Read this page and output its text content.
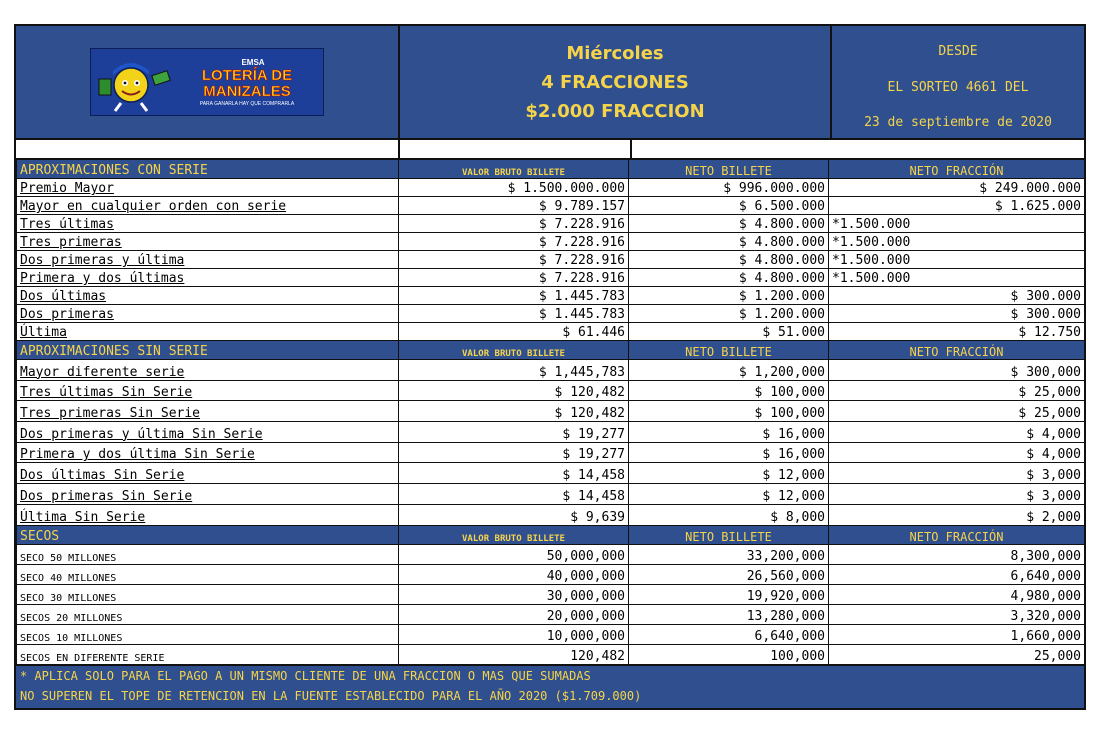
EMSA
LOTERÍA DE
MANIZALES
PARA GANARLA HAY QUE COMPRARLA
Miércoles
4 FRACCIONES
$2.000 FRACCION
DESDE
EL SORTEO 4661 DEL
23 de septiembre de 2020
APROXIMACIONES CON SERIE	VALOR BRUTO BILLETE	NETO BILLETE	NETO FRACCIÓN
Premio Mayor	$ 1.500.000.000	$ 996.000.000	$ 249.000.000
Mayor en cualquier orden con serie	$ 9.789.157	$ 6.500.000	$ 1.625.000
Tres últimas	$ 7.228.916	$ 4.800.000	*1.500.000
Tres primeras	$ 7.228.916	$ 4.800.000	*1.500.000
Dos primeras y última	$ 7.228.916	$ 4.800.000	*1.500.000
Primera y dos últimas	$ 7.228.916	$ 4.800.000	*1.500.000
Dos últimas	$ 1.445.783	$ 1.200.000	$ 300.000
Dos primeras	$ 1.445.783	$ 1.200.000	$ 300.000
Última	$ 61.446	$ 51.000	$ 12.750
APROXIMACIONES SIN SERIE	VALOR BRUTO BILLETE	NETO BILLETE	NETO FRACCIÓN
Mayor diferente serie	$ 1,445,783	$ 1,200,000	$ 300,000
Tres últimas Sin Serie	$ 120,482	$ 100,000	$ 25,000
Tres primeras Sin Serie	$ 120,482	$ 100,000	$ 25,000
Dos primeras y última Sin Serie	$ 19,277	$ 16,000	$ 4,000
Primera y dos última Sin Serie	$ 19,277	$ 16,000	$ 4,000
Dos últimas Sin Serie	$ 14,458	$ 12,000	$ 3,000
Dos primeras Sin Serie	$ 14,458	$ 12,000	$ 3,000
Última Sin Serie	$ 9,639	$ 8,000	$ 2,000
SECOS	VALOR BRUTO BILLETE	NETO BILLETE	NETO FRACCIÓN
SECO 50 MILLONES	50,000,000	33,200,000	8,300,000
SECO 40 MILLONES	40,000,000	26,560,000	6,640,000
SECO 30 MILLONES	30,000,000	19,920,000	4,980,000
SECOS 20 MILLONES	20,000,000	13,280,000	3,320,000
SECOS 10 MILLONES	10,000,000	6,640,000	1,660,000
SECOS EN DIFERENTE SERIE	120,482	100,000	25,000
* APLICA SOLO PARA EL PAGO A UN MISMO CLIENTE DE UNA FRACCION O MAS QUE SUMADAS
NO SUPEREN EL TOPE DE RETENCION EN LA FUENTE ESTABLECIDO PARA EL AÑO 2020 ($1.709.000)
